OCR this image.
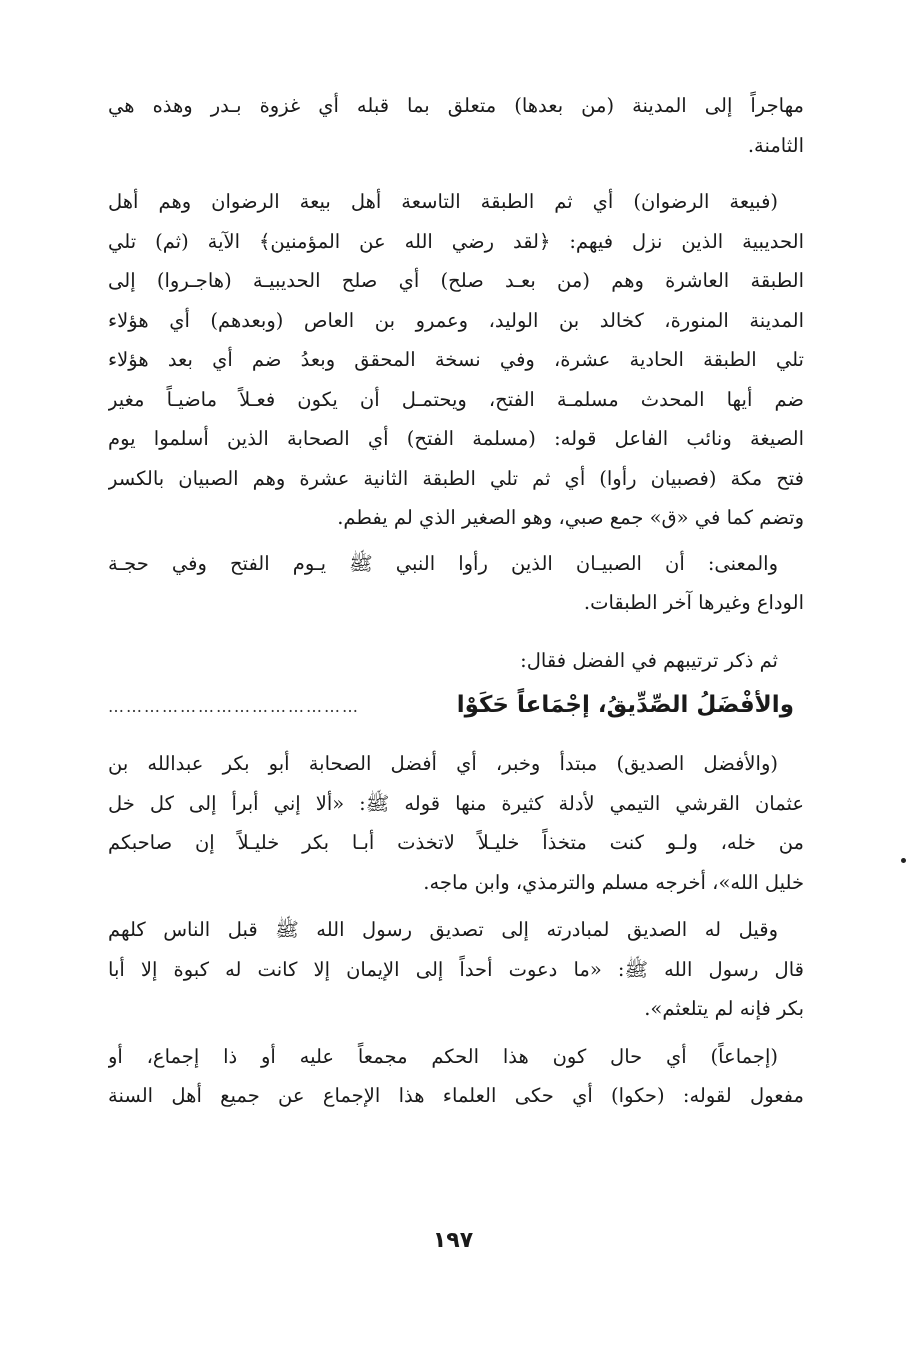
مهاجراً إلى المدينة (من بعدها) متعلق بما قبله أي غزوة بـدر وهذه هي
الثامنة.
(فبيعة الرضوان) أي ثم الطبقة التاسعة أهل بيعة الرضوان وهم أهل
الحديبية الذين نزل فيهم: ﴿لقد رضي الله عن المؤمنين﴾ الآية (ثم) تلي
الطبقة العاشرة وهم (من بعـد صلح) أي صلح الحديبيـة (هاجـروا) إلى
المدينة المنورة، كخالد بن الوليد، وعمرو بن العاص (وبعدهم) أي هؤلاء
تلي الطبقة الحادية عشرة، وفي نسخة المحقق وبعدُ ضم أي بعد هؤلاء
ضم أيها المحدث مسلمـة الفتح، ويحتمـل أن يكون فعـلاً ماضيـاً مغير
الصيغة ونائب الفاعل قوله: (مسلمة الفتح) أي الصحابة الذين أسلموا يوم
فتح مكة (فصبيان رأوا) أي ثم تلي الطبقة الثانية عشرة وهم الصبيان بالكسر
وتضم كما في «ق» جمع صبي، وهو الصغير الذي لم يفطم.
والمعنى: أن الصبيـان الذين رأوا النبي ﷺ يـوم الفتح وفي حجـة
الوداع وغيرها آخر الطبقات.
ثم ذكر ترتيبهم في الفضل فقال:
والأفْضَلُ الصِّدِّيقُ، إجْمَاعاً حَكَوْا
……………………………………
(والأفضل الصديق) مبتدأ وخبر، أي أفضل الصحابة أبو بكر عبدالله بن
عثمان القرشي التيمي لأدلة كثيرة منها قوله ﷺ: «ألا إني أبرأ إلى كل خل
من خله، ولـو كنت متخذاً خليـلاً لاتخذت أبـا بكر خليـلاً إن صاحبكم
خليل الله»، أخرجه مسلم والترمذي، وابن ماجه.
وقيل له الصديق لمبادرته إلى تصديق رسول الله ﷺ قبل الناس كلهم
قال رسول الله ﷺ: «ما دعوت أحداً إلى الإيمان إلا كانت له كبوة إلا أبا
بكر فإنه لم يتلعثم».
(إجماعاً) أي حال كون هذا الحكم مجمعاً عليه أو ذا إجماع، أو
مفعول لقوله: (حكوا) أي حكى العلماء هذا الإجماع عن جميع أهل السنة
١٩٧
